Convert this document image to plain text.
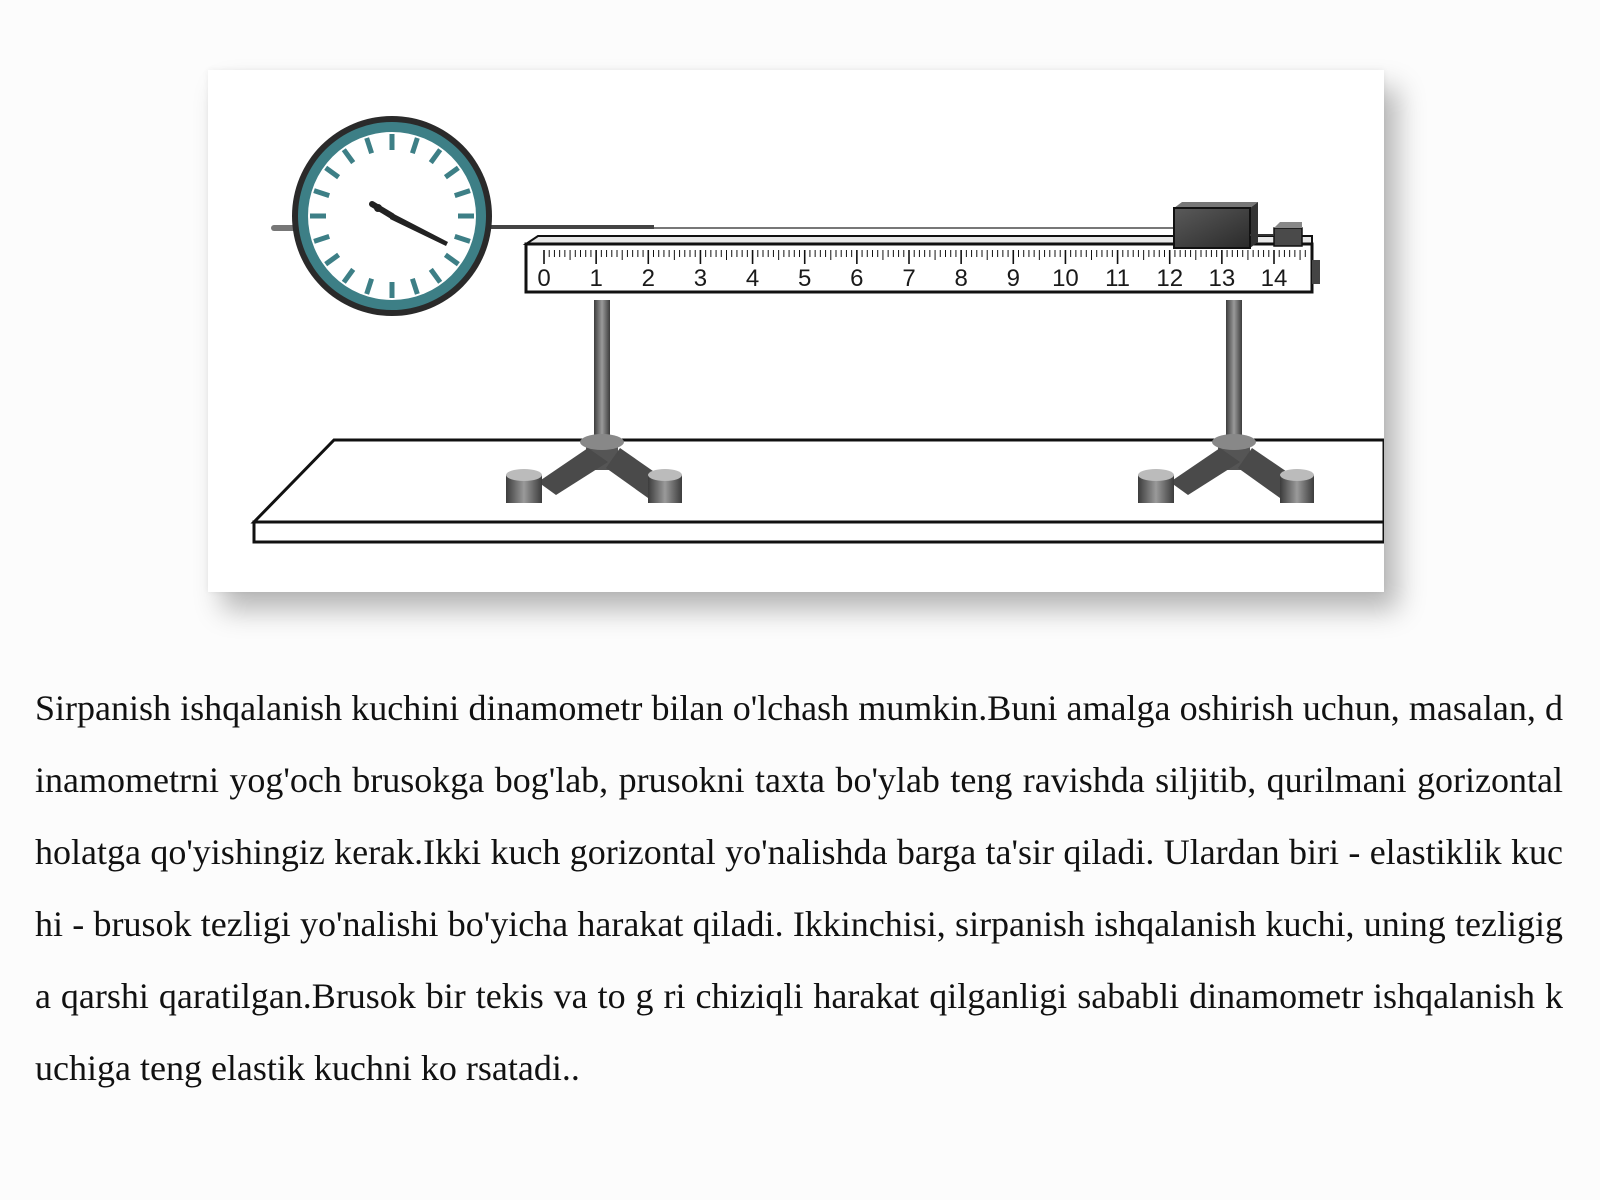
0 1 2 3 4 5 6 7 8 9 10 11 12 13 14

Sirpanish ishqalanish kuchini dinamometr bilan o'lchash mumkin.Buni amalga oshirish uchun, masalan, dinamometrni yog'och brusokga bog'lab, prusokni taxta bo'ylab teng ravishda siljitib, qurilmani gorizontal holatga qo'yishingiz kerak.Ikki kuch gorizontal yo'nalishda barga ta'sir qiladi. Ulardan biri - elastiklik kuchi - brusok tezligi yo'nalishi bo'yicha harakat qiladi. Ikkinchisi, sirpanish ishqalanish kuchi, uning tezligiga qarshi qaratilgan.Brusok bir tekis va to g ri chiziqli harakat qilganligi sababli dinamometr ishqalanish kuchiga teng elastik kuchni ko rsatadi..
